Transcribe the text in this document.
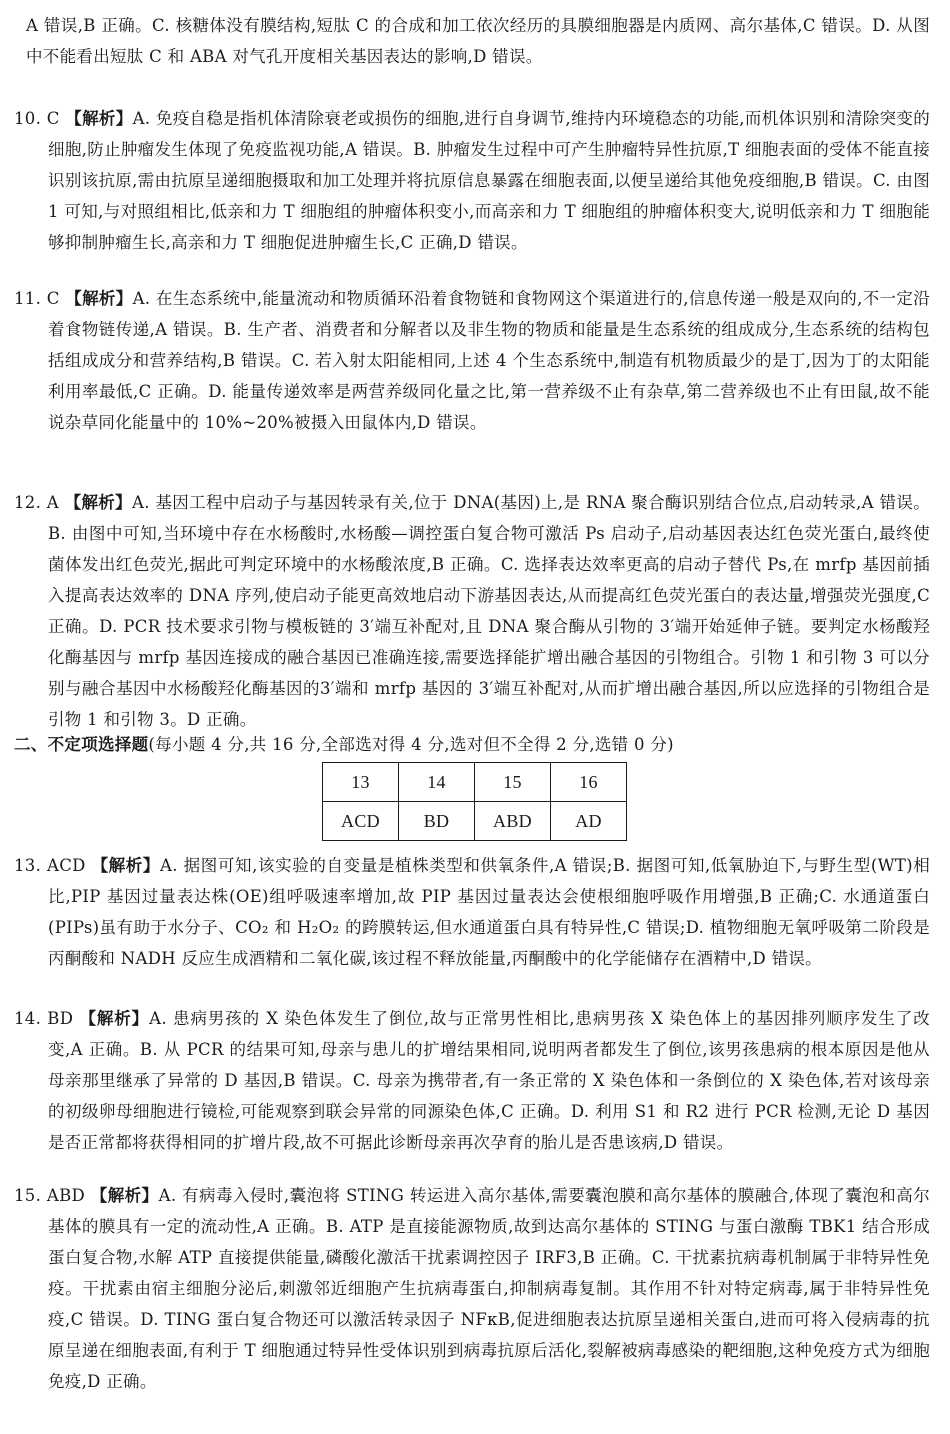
A 错误,B 正确。C. 核糖体没有膜结构,短肽 C 的合成和加工依次经历的具膜细胞器是内质网、高尔基体,C 错误。D. 从图中不能看出短肽 C 和 ABA 对气孔开度相关基因表达的影响,D 错误。
10. C 【解析】A. 免疫自稳是指机体清除衰老或损伤的细胞,进行自身调节,维持内环境稳态的功能,而机体识别和清除突变的细胞,防止肿瘤发生体现了免疫监视功能,A 错误。B. 肿瘤发生过程中可产生肿瘤特异性抗原,T 细胞表面的受体不能直接识别该抗原,需由抗原呈递细胞摄取和加工处理并将抗原信息暴露在细胞表面,以便呈递给其他免疫细胞,B 错误。C. 由图 1 可知,与对照组相比,低亲和力 T 细胞组的肿瘤体积变小,而高亲和力 T 细胞组的肿瘤体积变大,说明低亲和力 T 细胞能够抑制肿瘤生长,高亲和力 T 细胞促进肿瘤生长,C 正确,D 错误。
11. C 【解析】A. 在生态系统中,能量流动和物质循环沿着食物链和食物网这个渠道进行的,信息传递一般是双向的,不一定沿着食物链传递,A 错误。B. 生产者、消费者和分解者以及非生物的物质和能量是生态系统的组成成分,生态系统的结构包括组成成分和营养结构,B 错误。C. 若入射太阳能相同,上述 4 个生态系统中,制造有机物质最少的是丁,因为丁的太阳能利用率最低,C 正确。D. 能量传递效率是两营养级同化量之比,第一营养级不止有杂草,第二营养级也不止有田鼠,故不能说杂草同化能量中的 10%~20%被摄入田鼠体内,D 错误。
12. A 【解析】A. 基因工程中启动子与基因转录有关,位于 DNA(基因)上,是 RNA 聚合酶识别结合位点,启动转录,A 错误。B. 由图中可知,当环境中存在水杨酸时,水杨酸—调控蛋白复合物可激活 Ps 启动子,启动基因表达红色荧光蛋白,最终使菌体发出红色荧光,据此可判定环境中的水杨酸浓度,B 正确。C. 选择表达效率更高的启动子替代 Ps,在 mrfp 基因前插入提高表达效率的 DNA 序列,使启动子能更高效地启动下游基因表达,从而提高红色荧光蛋白的表达量,增强荧光强度,C 正确。D. PCR 技术要求引物与模板链的 3′端互补配对,且 DNA 聚合酶从引物的 3′端开始延伸子链。要判定水杨酸羟化酶基因与 mrfp 基因连接成的融合基因已准确连接,需要选择能扩增出融合基因的引物组合。引物 1 和引物 3 可以分别与融合基因中水杨酸羟化酶基因的3′端和 mrfp 基因的 3′端互补配对,从而扩增出融合基因,所以应选择的引物组合是引物 1 和引物 3。D 正确。
二、不定项选择题(每小题 4 分,共 16 分,全部选对得 4 分,选对但不全得 2 分,选错 0 分)
13	14	15	16
ACD	BD	ABD	AD
13. ACD 【解析】A. 据图可知,该实验的自变量是植株类型和供氧条件,A 错误;B. 据图可知,低氧胁迫下,与野生型(WT)相比,PIP 基因过量表达株(OE)组呼吸速率增加,故 PIP 基因过量表达会使根细胞呼吸作用增强,B 正确;C. 水通道蛋白(PIPs)虽有助于水分子、CO₂ 和 H₂O₂ 的跨膜转运,但水通道蛋白具有特异性,C 错误;D. 植物细胞无氧呼吸第二阶段是丙酮酸和 NADH 反应生成酒精和二氧化碳,该过程不释放能量,丙酮酸中的化学能储存在酒精中,D 错误。
14. BD 【解析】A. 患病男孩的 X 染色体发生了倒位,故与正常男性相比,患病男孩 X 染色体上的基因排列顺序发生了改变,A 正确。B. 从 PCR 的结果可知,母亲与患儿的扩增结果相同,说明两者都发生了倒位,该男孩患病的根本原因是他从母亲那里继承了异常的 D 基因,B 错误。C. 母亲为携带者,有一条正常的 X 染色体和一条倒位的 X 染色体,若对该母亲的初级卵母细胞进行镜检,可能观察到联会异常的同源染色体,C 正确。D. 利用 S1 和 R2 进行 PCR 检测,无论 D 基因是否正常都将获得相同的扩增片段,故不可据此诊断母亲再次孕育的胎儿是否患该病,D 错误。
15. ABD 【解析】A. 有病毒入侵时,囊泡将 STING 转运进入高尔基体,需要囊泡膜和高尔基体的膜融合,体现了囊泡和高尔基体的膜具有一定的流动性,A 正确。B. ATP 是直接能源物质,故到达高尔基体的 STING 与蛋白激酶 TBK1 结合形成蛋白复合物,水解 ATP 直接提供能量,磷酸化激活干扰素调控因子 IRF3,B 正确。C. 干扰素抗病毒机制属于非特异性免疫。干扰素由宿主细胞分泌后,刺激邻近细胞产生抗病毒蛋白,抑制病毒复制。其作用不针对特定病毒,属于非特异性免疫,C 错误。D. TING 蛋白复合物还可以激活转录因子 NFκB,促进细胞表达抗原呈递相关蛋白,进而可将入侵病毒的抗原呈递在细胞表面,有利于 T 细胞通过特异性受体识别到病毒抗原后活化,裂解被病毒感染的靶细胞,这种免疫方式为细胞免疫,D 正确。
